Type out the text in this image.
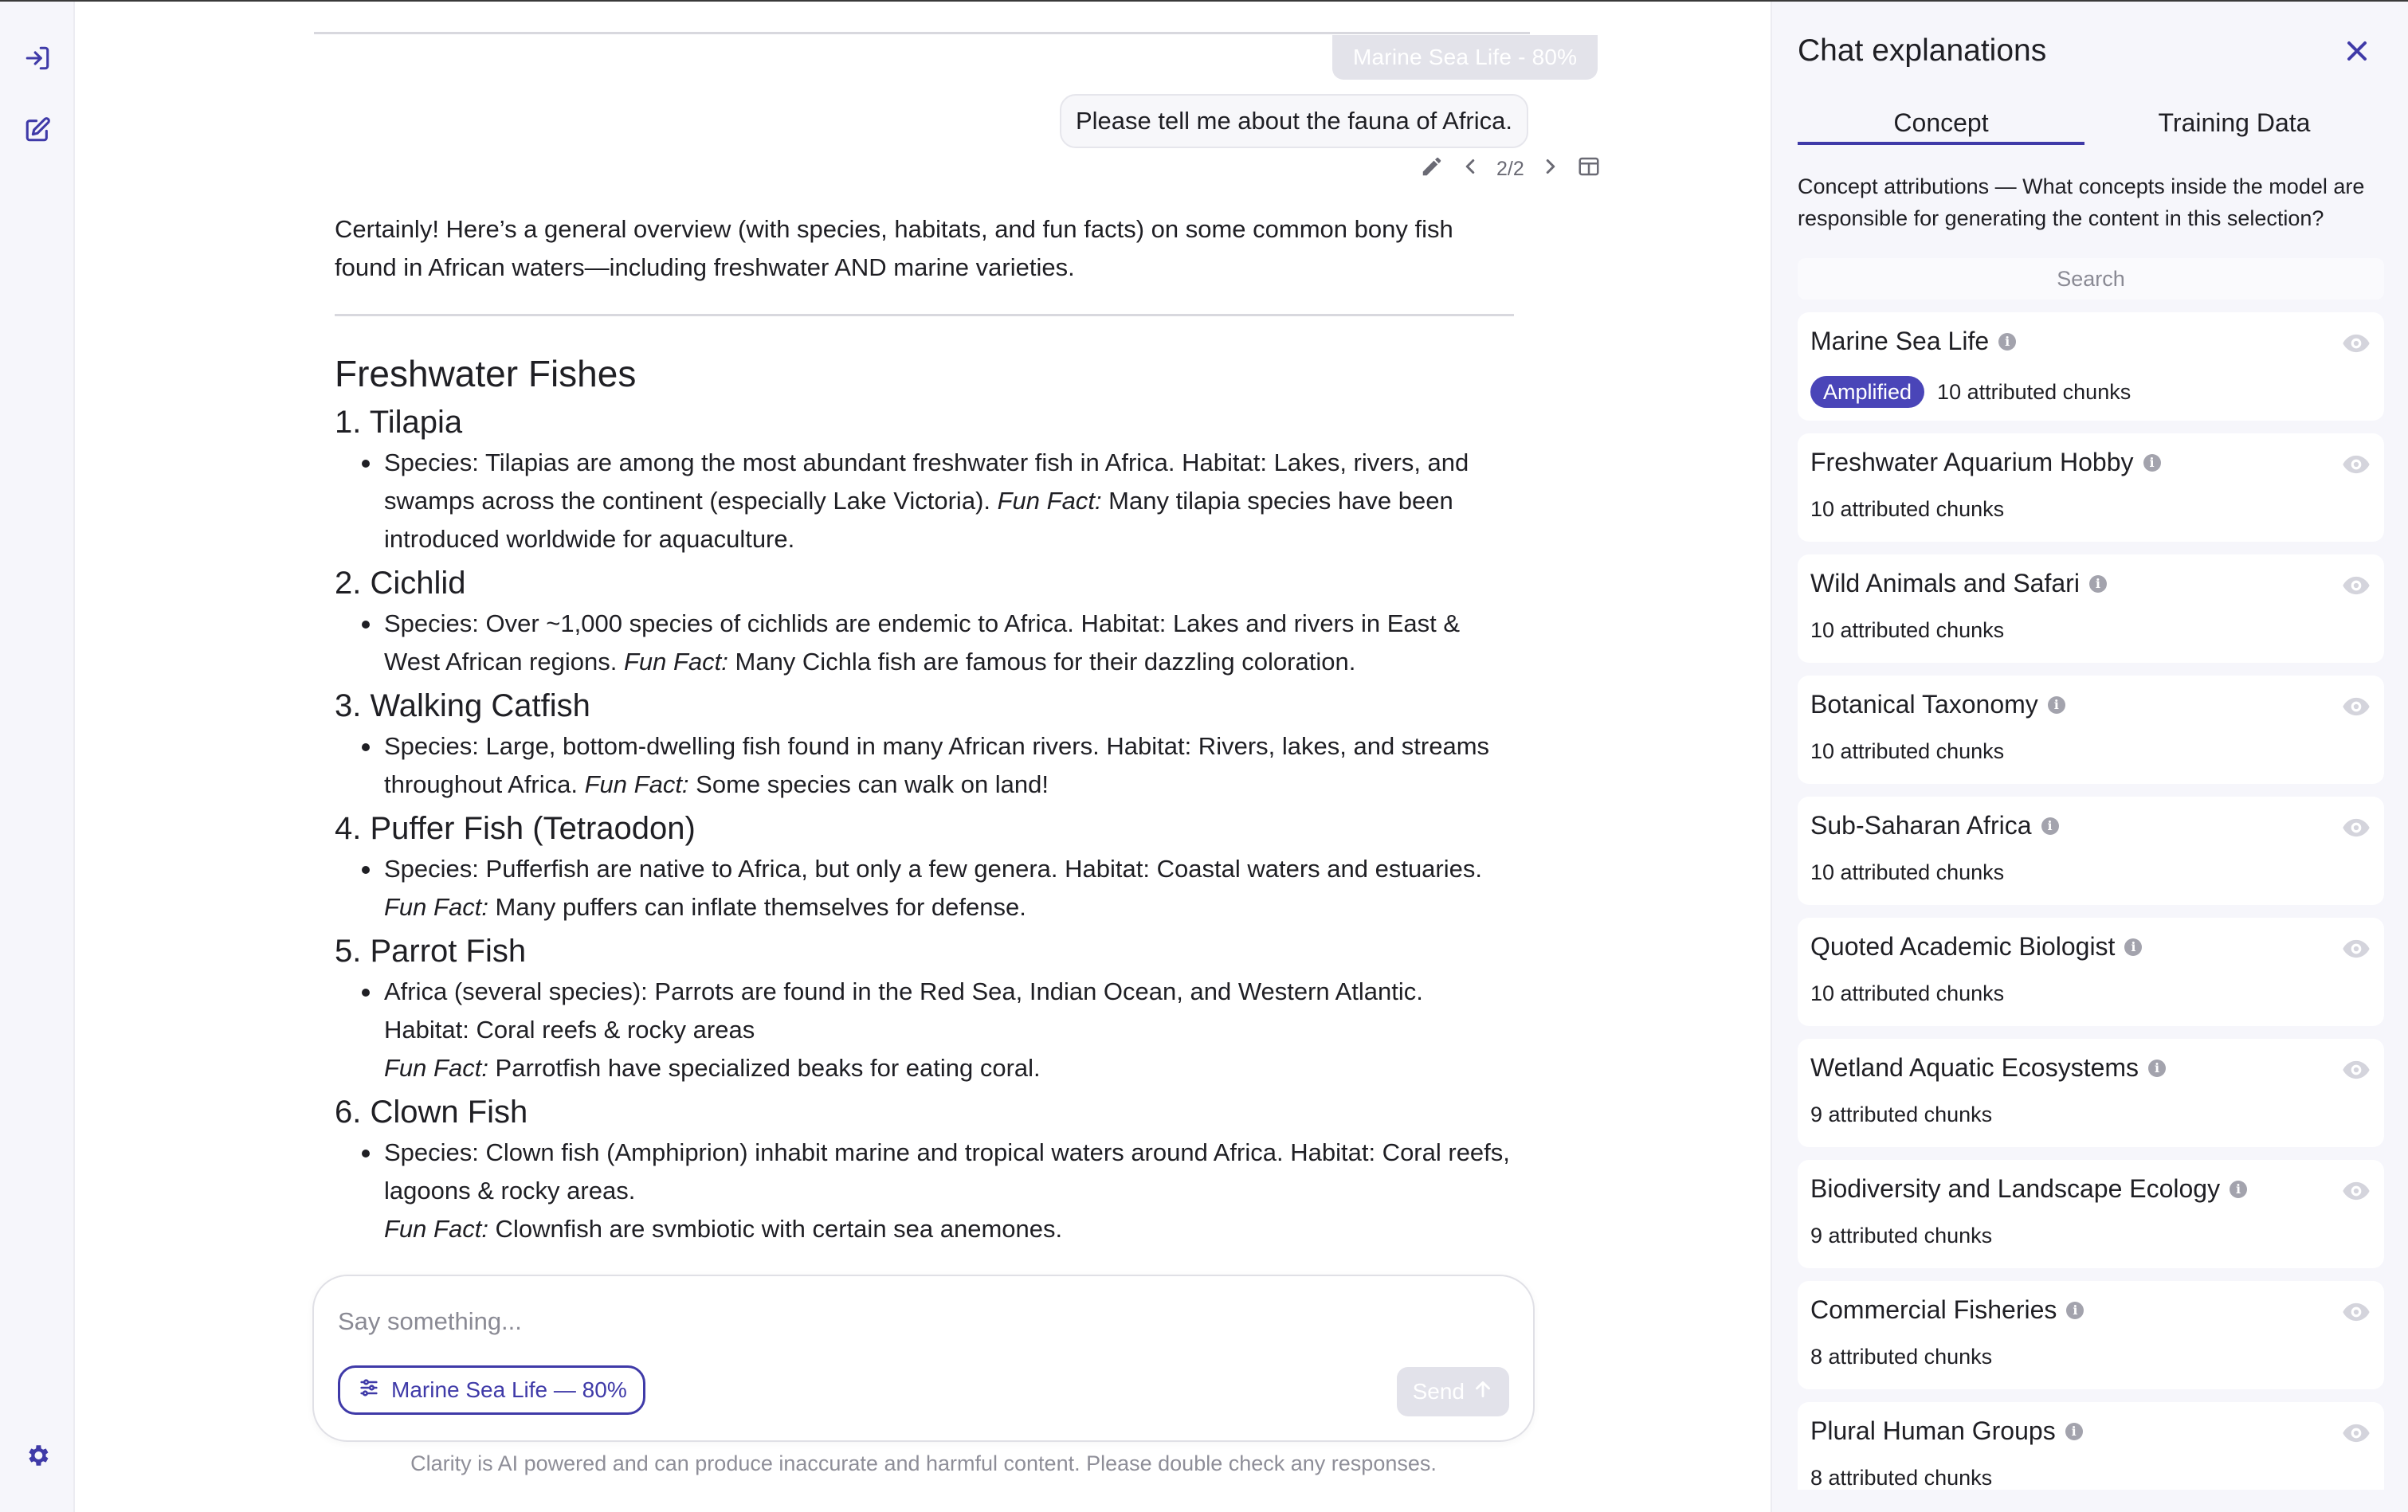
Marine Sea Life - 80%
Please tell me about the fauna of Africa.
2/2

Certainly! Here’s a general overview (with species, habitats, and fun facts) on some common bony fish found in African waters—including freshwater AND marine varieties.

Freshwater Fishes
1. Tilapia
Species: Tilapias are among the most abundant freshwater fish in Africa. Habitat: Lakes, rivers, and swamps across the continent (especially Lake Victoria). Fun Fact: Many tilapia species have been introduced worldwide for aquaculture.
2. Cichlid
Species: Over ~1,000 species of cichlids are endemic to Africa. Habitat: Lakes and rivers in East & West African regions. Fun Fact: Many Cichla fish are famous for their dazzling coloration.
3. Walking Catfish
Species: Large, bottom-dwelling fish found in many African rivers. Habitat: Rivers, lakes, and streams throughout Africa. Fun Fact: Some species can walk on land!
4. Puffer Fish (Tetraodon)
Species: Pufferfish are native to Africa, but only a few genera. Habitat: Coastal waters and estuaries.
Fun Fact: Many puffers can inflate themselves for defense.
5. Parrot Fish
Africa (several species): Parrots are found in the Red Sea, Indian Ocean, and Western Atlantic.
Habitat: Coral reefs & rocky areas
Fun Fact: Parrotfish have specialized beaks for eating coral.
6. Clown Fish
Species: Clown fish (Amphiprion) inhabit marine and tropical waters around Africa. Habitat: Coral reefs, lagoons & rocky areas.
Fun Fact: Clownfish are svmbiotic with certain sea anemones.
Say something...
Marine Sea Life — 80%	Send
Clarity is AI powered and can produce inaccurate and harmful content. Please double check any responses.
Chat explanations
Concept	Training Data
Concept attributions — What concepts inside the model are responsible for generating the content in this selection?
Search
Marine Sea Life	i
Amplified	10 attributed chunks
Freshwater Aquarium Hobby	i
10 attributed chunks
Wild Animals and Safari	i
10 attributed chunks
Botanical Taxonomy	i
10 attributed chunks
Sub-Saharan Africa	i
10 attributed chunks
Quoted Academic Biologist	i
10 attributed chunks
Wetland Aquatic Ecosystems	i
9 attributed chunks
Biodiversity and Landscape Ecology	i
9 attributed chunks
Commercial Fisheries	i
8 attributed chunks
Plural Human Groups	i
8 attributed chunks
